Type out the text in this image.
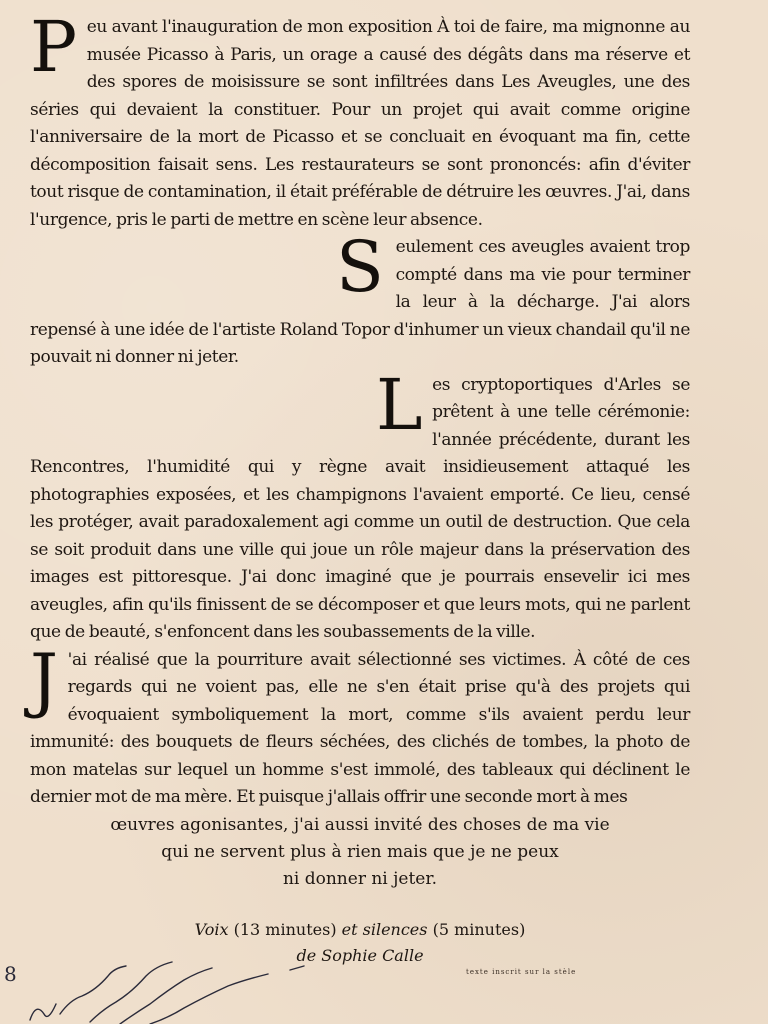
Peu avant l'inauguration de mon exposition À toi de faire, ma mignonne au musée Picasso à Paris, un orage a causé des dégâts dans ma réserve et des spores de moisissure se sont infiltrées dans Les Aveugles, une des séries qui devaient la constituer. Pour un projet qui avait comme origine l'anniversaire de la mort de Picasso et se concluait en évoquant ma fin, cette décomposition faisait sens. Les restaurateurs se sont prononcés: afin d'éviter tout risque de contamination, il était préférable de détruire les œuvres. J'ai, dans l'urgence, pris le parti de mettre en scène leur absence.

Seulement ces aveugles avaient trop compté dans ma vie pour terminer la leur à la décharge. J'ai alors repensé à une idée de l'artiste Roland Topor d'inhumer un vieux chandail qu'il ne pouvait ni donner ni jeter.

Les cryptoportiques d'Arles se prêtent à une telle cérémonie: l'année précédente, durant les Rencontres, l'humidité qui y règne avait insidieusement attaqué les photographies exposées, et les champignons l'avaient emporté. Ce lieu, censé les protéger, avait paradoxalement agi comme un outil de destruction. Que cela se soit produit dans une ville qui joue un rôle majeur dans la préservation des images est pittoresque. J'ai donc imaginé que je pourrais ensevelir ici mes aveugles, afin qu'ils finissent de se décomposer et que leurs mots, qui ne parlent que de beauté, s'enfoncent dans les soubassements de la ville.

J 'ai réalisé que la pourriture avait sélectionné ses victimes. À côté de ces regards qui ne voient pas, elle ne s'en était prise qu'à des projets qui évoquaient symboliquement la mort, comme s'ils avaient perdu leur immunité: des bouquets de fleurs séchées, des clichés de tombes, la photo de mon matelas sur lequel un homme s'est immolé, des tableaux qui déclinent le dernier mot de ma mère. Et puisque j'allais offrir une seconde mort à mes

œuvres agonisantes, j'ai aussi invité des choses de ma vie
qui ne servent plus à rien mais que je ne peux
ni donner ni jeter.
Voix (13 minutes) et silences (5 minutes)
de Sophie Calle
texte inscrit sur la stèle
8
